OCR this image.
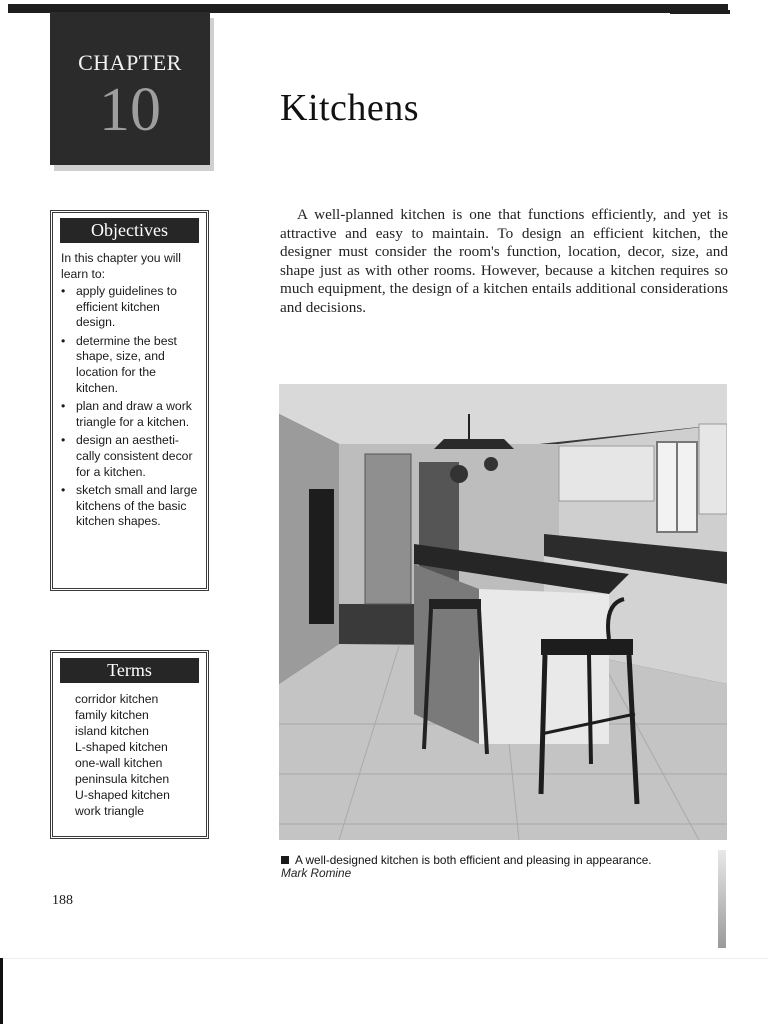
CHAPTER
10	Kitchens

A well-planned kitchen is one that functions efficiently, and yet is attractive and easy to maintain. To design an efficient kitchen, the designer must consider the room's function, location, decor, size, and shape just as with other rooms. However, because a kitchen requires so much equipment, the design of a kitchen entails additional considerations and decisions.

Objectives
In this chapter you will learn to:
• apply guidelines to efficient kitchen design.
• determine the best shape, size, and location for the kitchen.
• plan and draw a work triangle for a kitchen.
• design an aestheti-cally consistent decor for a kitchen.
• sketch small and large kitchens of the basic kitchen shapes.
Terms
corridor kitchen
family kitchen
island kitchen
L-shaped kitchen
one-wall kitchen
peninsula kitchen
U-shaped kitchen
work triangle
A well-designed kitchen is both efficient and pleasing in appearance.
Mark Romine
188
